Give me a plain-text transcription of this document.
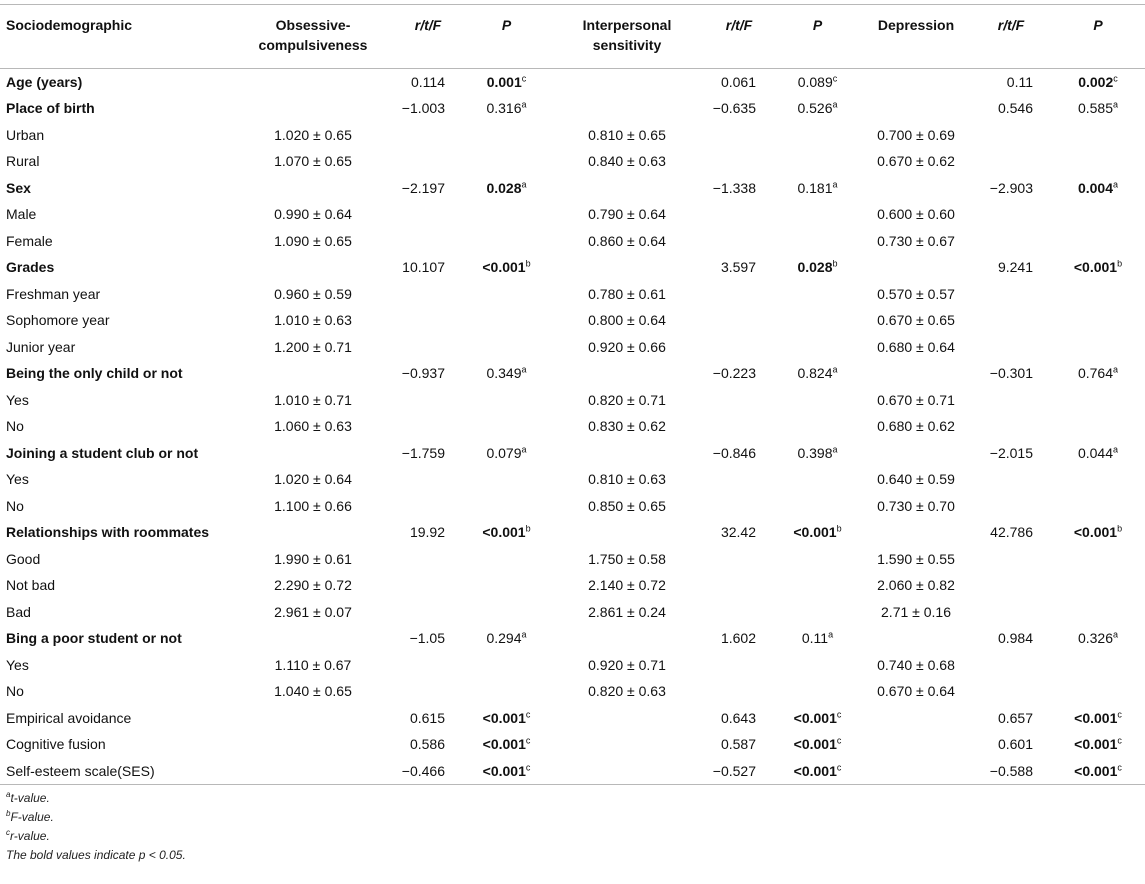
Sociodemographic	Obsessive-compulsiveness	r/t/F	P	Interpersonal sensitivity	r/t/F	P	Depression	r/t/F	P
Age (years)		0.114	0.001$^c$		0.061	0.089$^c$		0.11	0.002$^c$
Place of birth		−1.003	0.316$^a$		−0.635	0.526$^a$		0.546	0.585$^a$
Urban	1.020 ± 0.65			0.810 ± 0.65			0.700 ± 0.69		
Rural	1.070 ± 0.65			0.840 ± 0.63			0.670 ± 0.62		
Sex		−2.197	0.028$^a$		−1.338	0.181$^a$		−2.903	0.004$^a$
Male	0.990 ± 0.64			0.790 ± 0.64			0.600 ± 0.60		
Female	1.090 ± 0.65			0.860 ± 0.64			0.730 ± 0.67		
Grades		10.107	<0.001$^b$		3.597	0.028$^b$		9.241	<0.001$^b$
Freshman year	0.960 ± 0.59			0.780 ± 0.61			0.570 ± 0.57		
Sophomore year	1.010 ± 0.63			0.800 ± 0.64			0.670 ± 0.65		
Junior year	1.200 ± 0.71			0.920 ± 0.66			0.680 ± 0.64		
Being the only child or not		−0.937	0.349$^a$		−0.223	0.824$^a$		−0.301	0.764$^a$
Yes	1.010 ± 0.71			0.820 ± 0.71			0.670 ± 0.71		
No	1.060 ± 0.63			0.830 ± 0.62			0.680 ± 0.62		
Joining a student club or not		−1.759	0.079$^a$		−0.846	0.398$^a$		−2.015	0.044$^a$
Yes	1.020 ± 0.64			0.810 ± 0.63			0.640 ± 0.59		
No	1.100 ± 0.66			0.850 ± 0.65			0.730 ± 0.70		
Relationships with roommates		19.92	<0.001$^b$		32.42	<0.001$^b$		42.786	<0.001$^b$
Good	1.990 ± 0.61			1.750 ± 0.58			1.590 ± 0.55		
Not bad	2.290 ± 0.72			2.140 ± 0.72			2.060 ± 0.82		
Bad	2.961 ± 0.07			2.861 ± 0.24			2.71 ± 0.16		
Bing a poor student or not		−1.05	0.294$^a$		1.602	0.11$^a$		0.984	0.326$^a$
Yes	1.110 ± 0.67			0.920 ± 0.71			0.740 ± 0.68		
No	1.040 ± 0.65			0.820 ± 0.63			0.670 ± 0.64		
Empirical avoidance		0.615	<0.001$^c$		0.643	<0.001$^c$		0.657	<0.001$^c$
Cognitive fusion		0.586	<0.001$^c$		0.587	<0.001$^c$		0.601	<0.001$^c$
Self-esteem scale(SES)		−0.466	<0.001$^c$		−0.527	<0.001$^c$		−0.588	<0.001$^c$
$^a$t-value.
$^b$F-value.
$^c$r-value.
The bold values indicate p < 0.05.
